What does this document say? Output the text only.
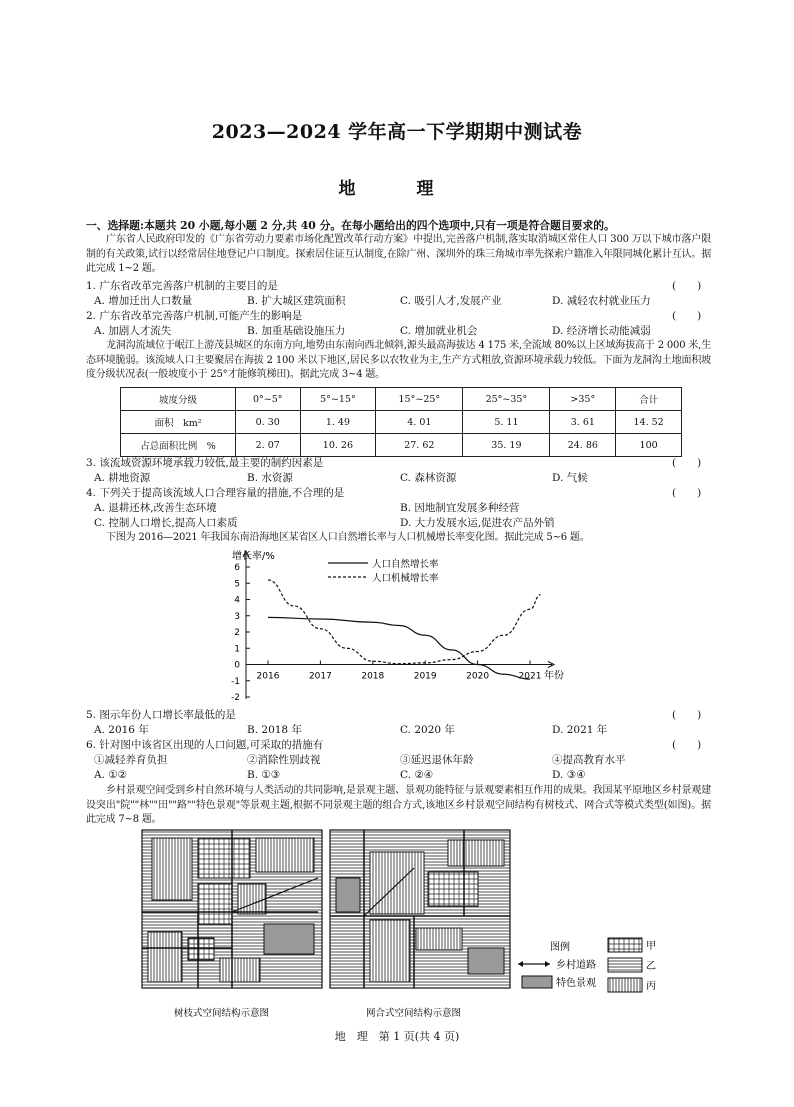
2023—2024 学年高一下学期期中测试卷
地　理
一、选择题:本题共 20 小题,每小题 2 分,共 40 分。在每小题给出的四个选项中,只有一项是符合题目要求的。
广东省人民政府印发的《广东省劳动力要素市场化配置改革行动方案》中提出,完善落户机制,落实取消城区常住人口 300 万以下城市落户限制的有关政策,试行以经常居住地登记户口制度。探索居住证互认制度,在除广州、深圳外的珠三角城市率先探索户籍准入年限同城化累计互认。据此完成 1~2 题。
1. 广东省改革完善落户机制的主要目的是	(　　)
A. 增加迁出人口数量	B. 扩大城区建筑面积	C. 吸引人才,发展产业	D. 减轻农村就业压力
2. 广东省改革完善落户机制,可能产生的影响是	(　　)
A. 加剧人才流失	B. 加重基础设施压力	C. 增加就业机会	D. 经济增长动能减弱
龙洞沟流域位于岷江上游茂县城区的东南方向,地势由东南向西北倾斜,源头最高海拔达 4 175 米,全流域 80%以上区域海拔高于 2 000 米,生态环境脆弱。该流域人口主要聚居在海拔 2 100 米以下地区,居民多以农牧业为主,生产方式粗放,资源环境承载力较低。下面为龙洞沟土地面积坡度分级状况表(一般坡度小于 25°才能修筑梯田)。据此完成 3~4 题。
坡度分级	0°~5°	5°~15°	15°~25°	25°~35°	>35°	合计
面积　km²	0. 30	1. 49	4. 01	5. 11	3. 61	14. 52
占总面积比例　%	2. 07	10. 26	27. 62	35. 19	24. 86	100
3. 该流域资源环境承载力较低,最主要的制约因素是	(　　)
A. 耕地资源	B. 水资源	C. 森林资源	D. 气候
4. 下列关于提高该流域人口合理容量的措施,不合理的是	(　　)
A. 退耕还林,改善生态环境	B. 因地制宜发展多种经营
C. 控制人口增长,提高人口素质	D. 大力发展水运,促进农产品外销
下图为 2016—2021 年我国东南沿海地区某省区人口自然增长率与人口机械增长率变化图。据此完成 5~6 题。
增长率/%
年份
-2
-1
0
1
2
3
4
5
6
2016	2017	2018	2019	2020	2021
人口自然增长率
人口机械增长率
5. 图示年份人口增长率最低的是	(　　)
A. 2016 年	B. 2018 年	C. 2020 年	D. 2021 年
6. 针对图中该省区出现的人口问题,可采取的措施有	(　　)
①减轻养育负担	②消除性别歧视	③延迟退休年龄	④提高教育水平
A. ①②	B. ①③	C. ②④	D. ③④
乡村景观空间受到乡村自然环境与人类活动的共同影响,是景观主题、景观功能特征与景观要素相互作用的成果。我国某平原地区乡村景观建设突出"院""林""田""路""特色景观"等景观主题,根据不同景观主题的组合方式,该地区乡村景观空间结构有树枝式、网合式等模式类型(如图)。据此完成 7~8 题。
图例
乡村道路
特色景观
甲
乙
丙
树枝式空间结构示意图	网合式空间结构示意图
地　理　第 1 页(共 4 页)
